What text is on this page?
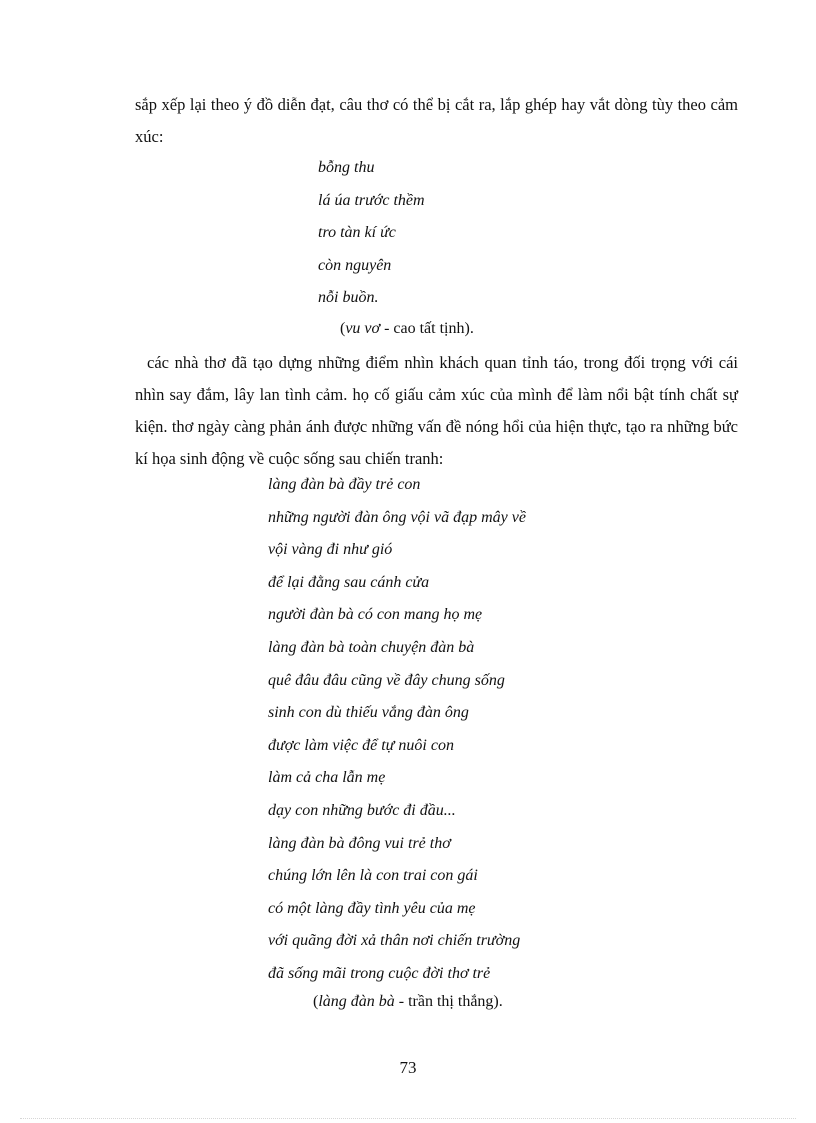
sắp xếp lại theo ý đồ diễn đạt, câu thơ có thể bị cắt ra, lắp ghép hay vắt dòng tùy theo cảm xúc:

bỗng thu
lá úa trước thềm
tro tàn kí ức
còn nguyên
nỗi buồn.
(vu vơ - cao tất tịnh).

các nhà thơ đã tạo dựng những điểm nhìn khách quan tỉnh táo, trong đối trọng với cái nhìn say đắm, lây lan tình cảm. họ cố giấu cảm xúc của mình để làm nổi bật tính chất sự kiện. thơ ngày càng phản ánh được những vấn đề nóng hổi của hiện thực, tạo ra những bức kí họa sinh động về cuộc sống sau chiến tranh:

làng đàn bà đầy trẻ con
những người đàn ông vội vã đạp mây về
vội vàng đi như gió
để lại đằng sau cánh cửa
người đàn bà có con mang họ mẹ
làng đàn bà toàn chuyện đàn bà
quê đâu đâu cũng về đây chung sống
sinh con dù thiếu vắng đàn ông
được làm việc để tự nuôi con
làm cả cha lẫn mẹ
dạy con những bước đi đầu...
làng đàn bà đông vui trẻ thơ
chúng lớn lên là con trai con gái
có một làng đầy tình yêu của mẹ
với quãng đời xả thân nơi chiến trường
đã sống mãi trong cuộc đời thơ trẻ
(làng đàn bà - trần thị thắng).
73
